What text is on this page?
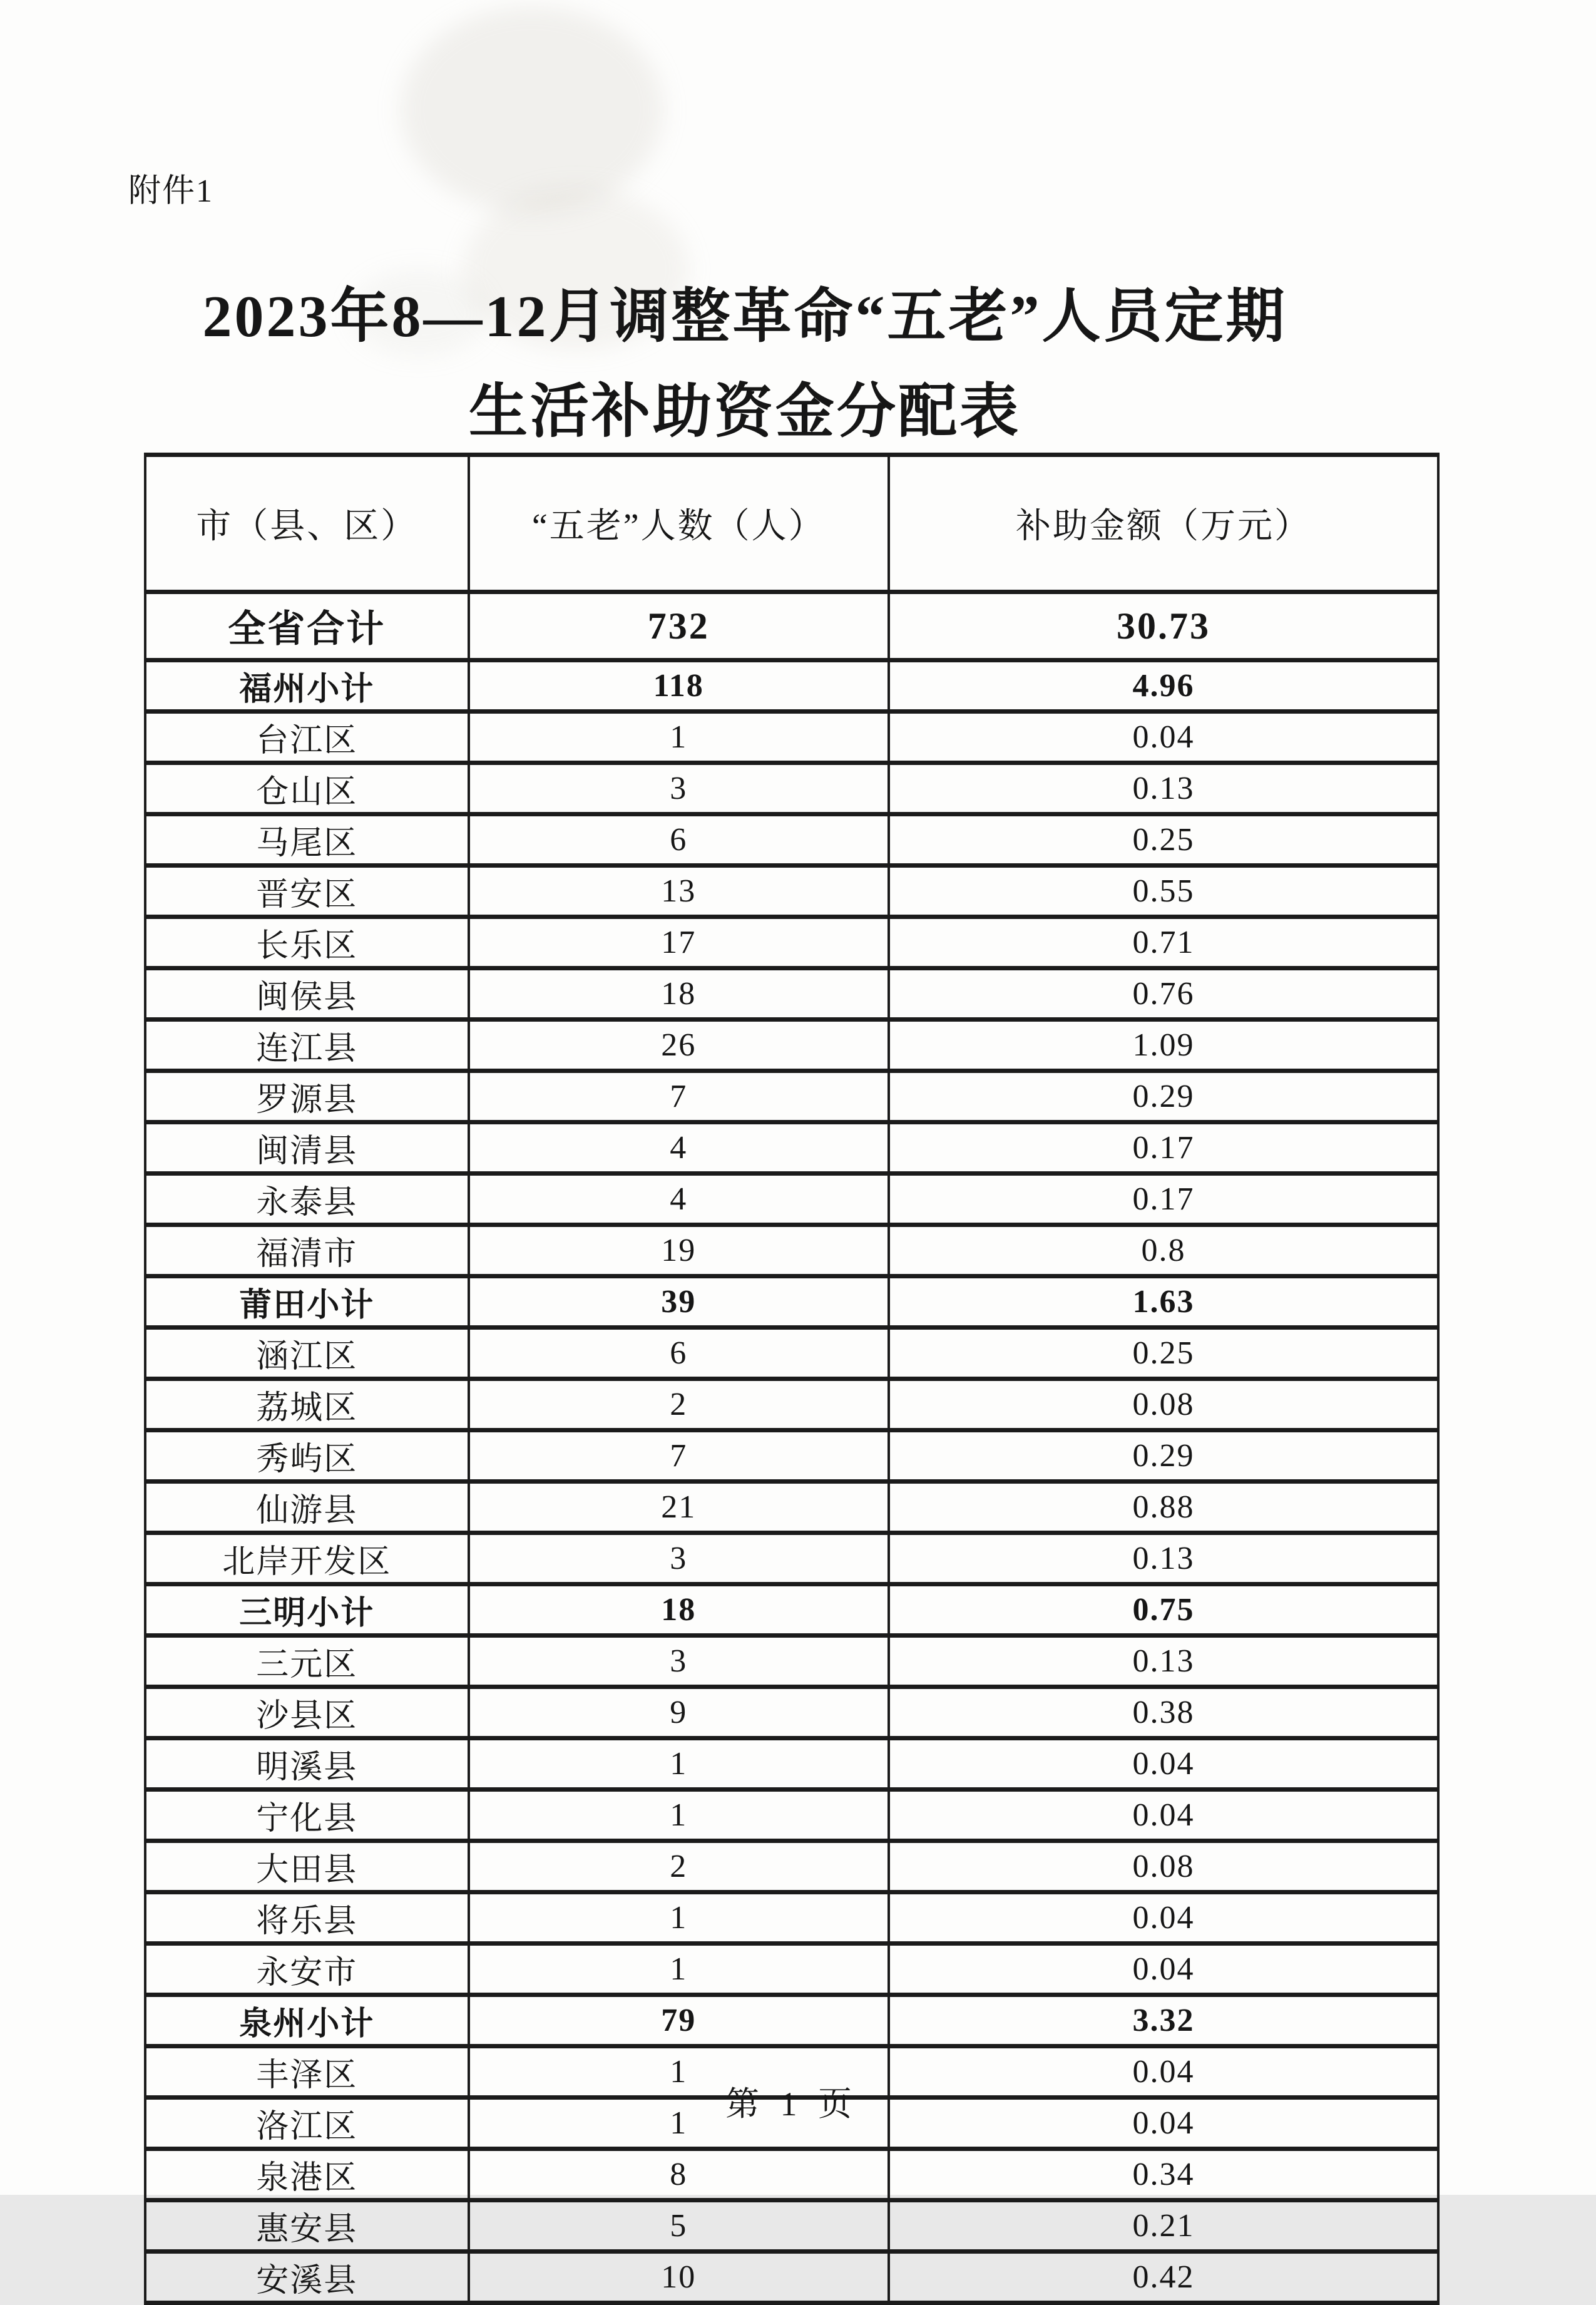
附件1
2023年8—12月调整革命“五老”人员定期
生活补助资金分配表
市（县、区）	“五老”人数（人）	补助金额（万元）
全省合计	732	30.73
福州小计	118	4.96
台江区	1	0.04
仓山区	3	0.13
马尾区	6	0.25
晋安区	13	0.55
长乐区	17	0.71
闽侯县	18	0.76
连江县	26	1.09
罗源县	7	0.29
闽清县	4	0.17
永泰县	4	0.17
福清市	19	0.8
莆田小计	39	1.63
涵江区	6	0.25
荔城区	2	0.08
秀屿区	7	0.29
仙游县	21	0.88
北岸开发区	3	0.13
三明小计	18	0.75
三元区	3	0.13
沙县区	9	0.38
明溪县	1	0.04
宁化县	1	0.04
大田县	2	0.08
将乐县	1	0.04
永安市	1	0.04
泉州小计	79	3.32
丰泽区	1	0.04
洛江区	1	0.04
泉港区	8	0.34
惠安县	5	0.21
安溪县	10	0.42
第 1 页
